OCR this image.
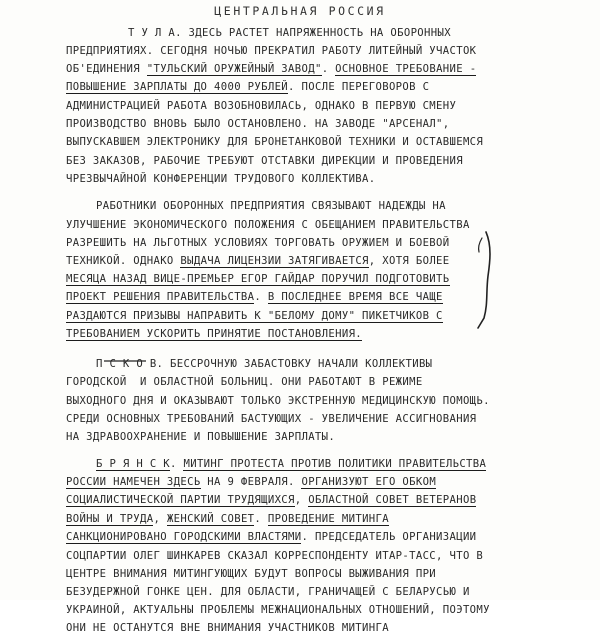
ЦЕНТРАЛЬНАЯ РОССИЯ
Т У Л А. ЗДЕСЬ РАСТЕТ НАПРЯЖЕННОСТЬ НА ОБОРОННЫХ
ПРЕДПРИЯТИЯХ. СЕГОДНЯ НОЧЬЮ ПРЕКРАТИЛ РАБОТУ ЛИТЕЙНЫЙ УЧАСТОК
ОБ'ЕДИНЕНИЯ "ТУЛЬСКИЙ ОРУЖЕЙНЫЙ ЗАВОД". ОСНОВНОЕ ТРЕБОВАНИЕ -
ПОВЫШЕНИЕ ЗАРПЛАТЫ ДО 4000 РУБЛЕЙ. ПОСЛЕ ПЕРЕГОВОРОВ С
АДМИНИСТРАЦИЕЙ РАБОТА ВОЗОБНОВИЛАСЬ, ОДНАКО В ПЕРВУЮ СМЕНУ
ПРОИЗВОДСТВО ВНОВЬ БЫЛО ОСТАНОВЛЕНО. НА ЗАВОДЕ "АРСЕНАЛ",
ВЫПУСКАВШЕМ ЭЛЕКТРОНИКУ ДЛЯ БРОНЕТАНКОВОЙ ТЕХНИКИ И ОСТАВШЕМСЯ
БЕЗ ЗАКАЗОВ, РАБОЧИЕ ТРЕБУЮТ ОТСТАВКИ ДИРЕКЦИИ И ПРОВЕДЕНИЯ
ЧРЕЗВЫЧАЙНОЙ КОНФЕРЕНЦИИ ТРУДОВОГО КОЛЛЕКТИВА.
РАБОТНИКИ ОБОРОННЫХ ПРЕДПРИЯТИЯ СВЯЗЫВАЮТ НАДЕЖДЫ НА
УЛУЧШЕНИЕ ЭКОНОМИЧЕСКОГО ПОЛОЖЕНИЯ С ОБЕЩАНИЕМ ПРАВИТЕЛЬСТВА
РАЗРЕШИТЬ НА ЛЬГОТНЫХ УСЛОВИЯХ ТОРГОВАТЬ ОРУЖИЕМ И БОЕВОЙ
ТЕХНИКОЙ. ОДНАКО ВЫДАЧА ЛИЦЕНЗИИ ЗАТЯГИВАЕТСЯ, ХОТЯ БОЛЕЕ
МЕСЯЦА НАЗАД ВИЦЕ-ПРЕМЬЕР ЕГОР ГАЙДАР ПОРУЧИЛ ПОДГОТОВИТЬ
ПРОЕКТ РЕШЕНИЯ ПРАВИТЕЛЬСТВА. В ПОСЛЕДНЕЕ ВРЕМЯ ВСЕ ЧАЩЕ
РАЗДАЮТСЯ ПРИЗЫВЫ НАПРАВИТЬ К "БЕЛОМУ ДОМУ" ПИКЕТЧИКОВ С
ТРЕБОВАНИЕМ УСКОРИТЬ ПРИНЯТИЕ ПОСТАНОВЛЕНИЯ.
П С К О В. БЕССРОЧНУЮ ЗАБАСТОВКУ НАЧАЛИ КОЛЛЕКТИВЫ
ГОРОДСКОЙ  И ОБЛАСТНОЙ БОЛЬНИЦ. ОНИ РАБОТАЮТ В РЕЖИМЕ
ВЫХОДНОГО ДНЯ И ОКАЗЫВАЮТ ТОЛЬКО ЭКСТРЕННУЮ МЕДИЦИНСКУЮ ПОМОЩЬ.
СРЕДИ ОСНОВНЫХ ТРЕБОВАНИЙ БАСТУЮЩИХ - УВЕЛИЧЕНИЕ АССИГНОВАНИЯ
НА ЗДРАВООХРАНЕНИЕ И ПОВЫШЕНИЕ ЗАРПЛАТЫ.
Б Р Я Н С К. МИТИНГ ПРОТЕСТА ПРОТИВ ПОЛИТИКИ ПРАВИТЕЛЬСТВА
РОССИИ НАМЕЧЕН ЗДЕСЬ НА 9 ФЕВРАЛЯ. ОРГАНИЗУЮТ ЕГО ОБКОМ
СОЦИАЛИСТИЧЕСКОЙ ПАРТИИ ТРУДЯЩИХСЯ, ОБЛАСТНОЙ СОВЕТ ВЕТЕРАНОВ
ВОЙНЫ И ТРУДА, ЖЕНСКИЙ СОВЕТ. ПРОВЕДЕНИЕ МИТИНГА
САНКЦИОНИРОВАНО ГОРОДСКИМИ ВЛАСТЯМИ. ПРЕДСЕДАТЕЛЬ ОРГАНИЗАЦИИ
СОЦПАРТИИ ОЛЕГ ШИНКАРЕВ СКАЗАЛ КОРРЕСПОНДЕНТУ ИТАР-ТАСС, ЧТО В
ЦЕНТРЕ ВНИМАНИЯ МИТИНГУЮЩИХ БУДУТ ВОПРОСЫ ВЫЖИВАНИЯ ПРИ
БЕЗУДЕРЖНОЙ ГОНКЕ ЦЕН. ДЛЯ ОБЛАСТИ, ГРАНИЧАЩЕЙ С БЕЛАРУСЬЮ И
УКРАИНОЙ, АКТУАЛЬНЫ ПРОБЛЕМЫ МЕЖНАЦИОНАЛЬНЫХ ОТНОШЕНИЙ, ПОЭТОМУ
ОНИ НЕ ОСТАНУТСЯ ВНЕ ВНИМАНИЯ УЧАСТНИКОВ МИТИНГА
